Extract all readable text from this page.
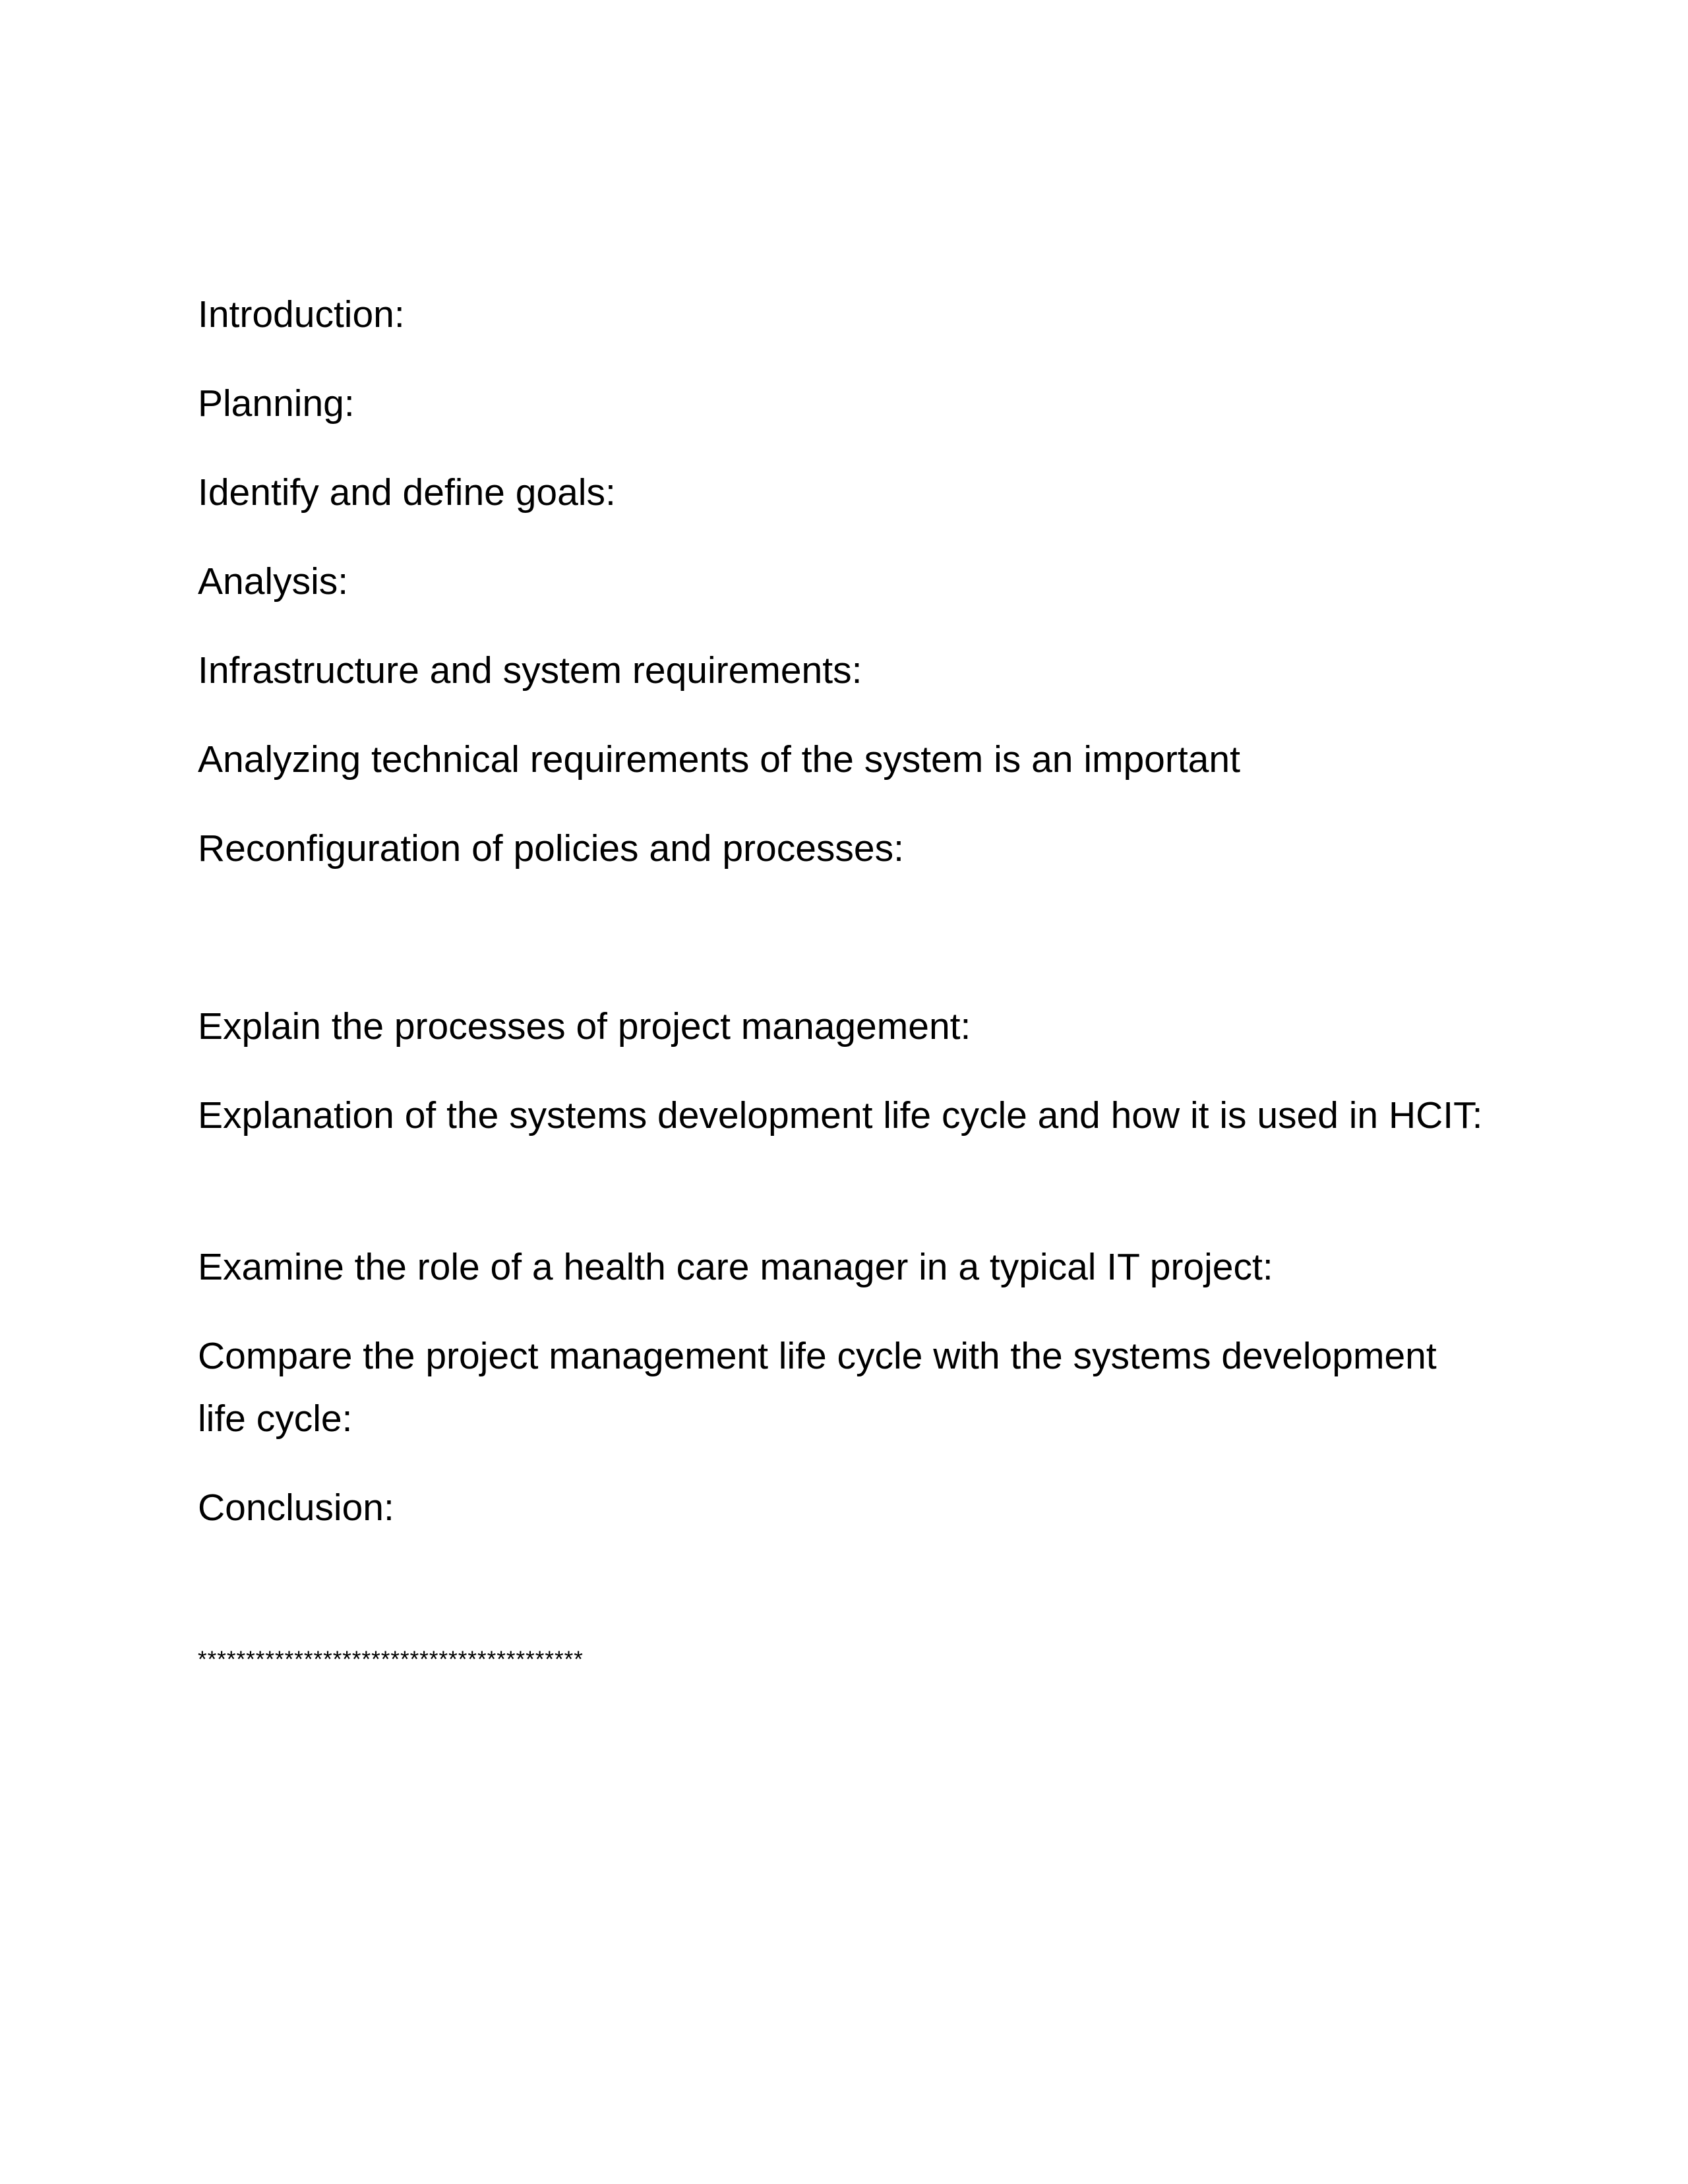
Introduction:
Planning:
Identify and define goals:
Analysis:
Infrastructure and system requirements:
Analyzing technical requirements of the system is an important
Reconfiguration of policies and processes:
Explain the processes of project management:
Explanation of the systems development life cycle and how it is used in HCIT:
Examine the role of a health care manager in a typical IT project:
Compare the project management life cycle with the systems development life cycle:
Conclusion:
****************************************
